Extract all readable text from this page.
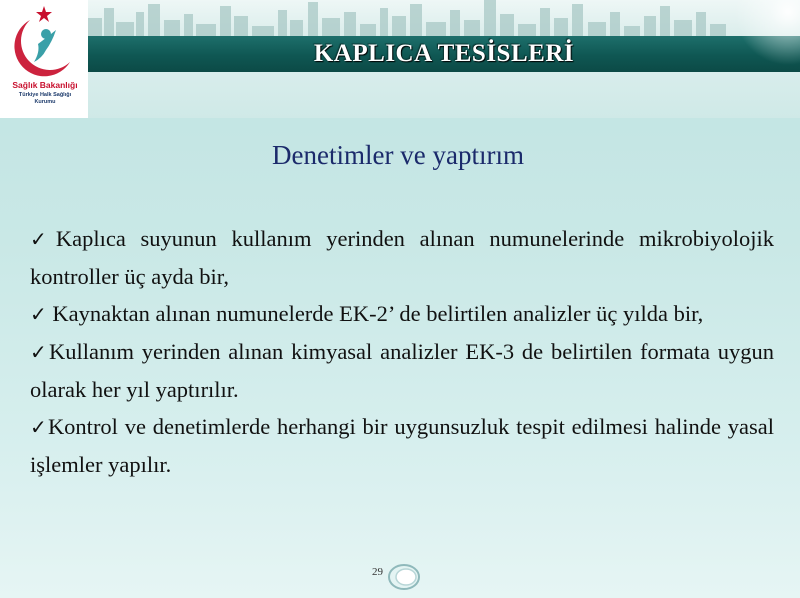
KAPLICA TESİSLERİ
Sağlık Bakanlığı
Türkiye Halk Sağlığı
Kurumu
Denetimler ve yaptırım
✓Kaplıca suyunun kullanım yerinden alınan numunelerinde mikrobiyolojik kontroller üç ayda bir,
✓ Kaynaktan alınan numunelerde EK-2’ de belirtilen analizler üç yılda bir,
✓Kullanım yerinden alınan kimyasal analizler EK-3 de belirtilen formata uygun olarak her yıl yaptırılır.
✓Kontrol ve denetimlerde herhangi bir uygunsuzluk tespit edilmesi halinde yasal işlemler yapılır.
29
